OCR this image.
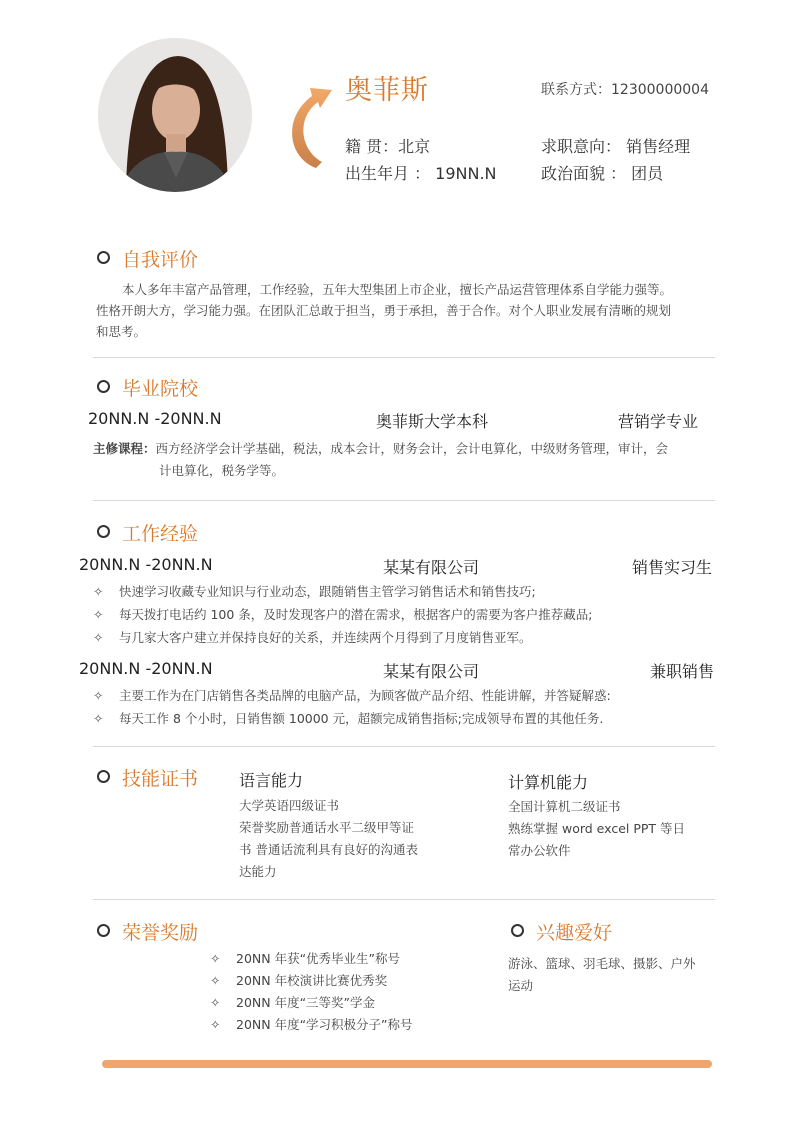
奥菲斯	联系方式：12300000004
籍 贯：北京	求职意向： 销售经理
出生年月 ： 19NN.N	政治面貌 ： 团员
自我评价
本人多年丰富产品管理，工作经验，五年大型集团上市企业，擅长产品运营管理体系自学能力强等。
性格开朗大方，学习能力强。在团队汇总敢于担当，勇于承担，善于合作。对个人职业发展有清晰的规划
和思考。
毕业院校
20NN.N -20NN.N	奥菲斯大学本科	营销学专业
主修课程：西方经济学会计学基础，税法，成本会计，财务会计，会计电算化，中级财务管理，审计，会
计电算化，税务学等。
工作经验
20NN.N -20NN.N	某某有限公司	销售实习生
✧ 快速学习收藏专业知识与行业动态，跟随销售主管学习销售话术和销售技巧;
✧ 每天拨打电话约 100 条，及时发现客户的潜在需求，根据客户的需要为客户推荐藏品;
✧ 与几家大客户建立并保持良好的关系，并连续两个月得到了月度销售亚军。
20NN.N -20NN.N	某某有限公司	兼职销售
✧ 主要工作为在门店销售各类品牌的电脑产品，为顾客做产品介绍、性能讲解，并答疑解惑:
✧ 每天工作 8 个小时，日销售额 10000 元，超额完成销售指标;完成领导布置的其他任务.
技能证书	语言能力
大学英语四级证书
荣誉奖励普通话水平二级甲等证
书 普通话流利具有良好的沟通表
达能力
计算机能力
全国计算机二级证书
熟练掌握 word excel PPT 等日
常办公软件
荣誉奖励
✧ 20NN 年获“优秀毕业生”称号
✧ 20NN 年校演讲比赛优秀奖
✧ 20NN 年度“三等奖”学金
✧ 20NN 年度“学习积极分子”称号
兴趣爱好
游泳、篮球、羽毛球、摄影、户外
运动
